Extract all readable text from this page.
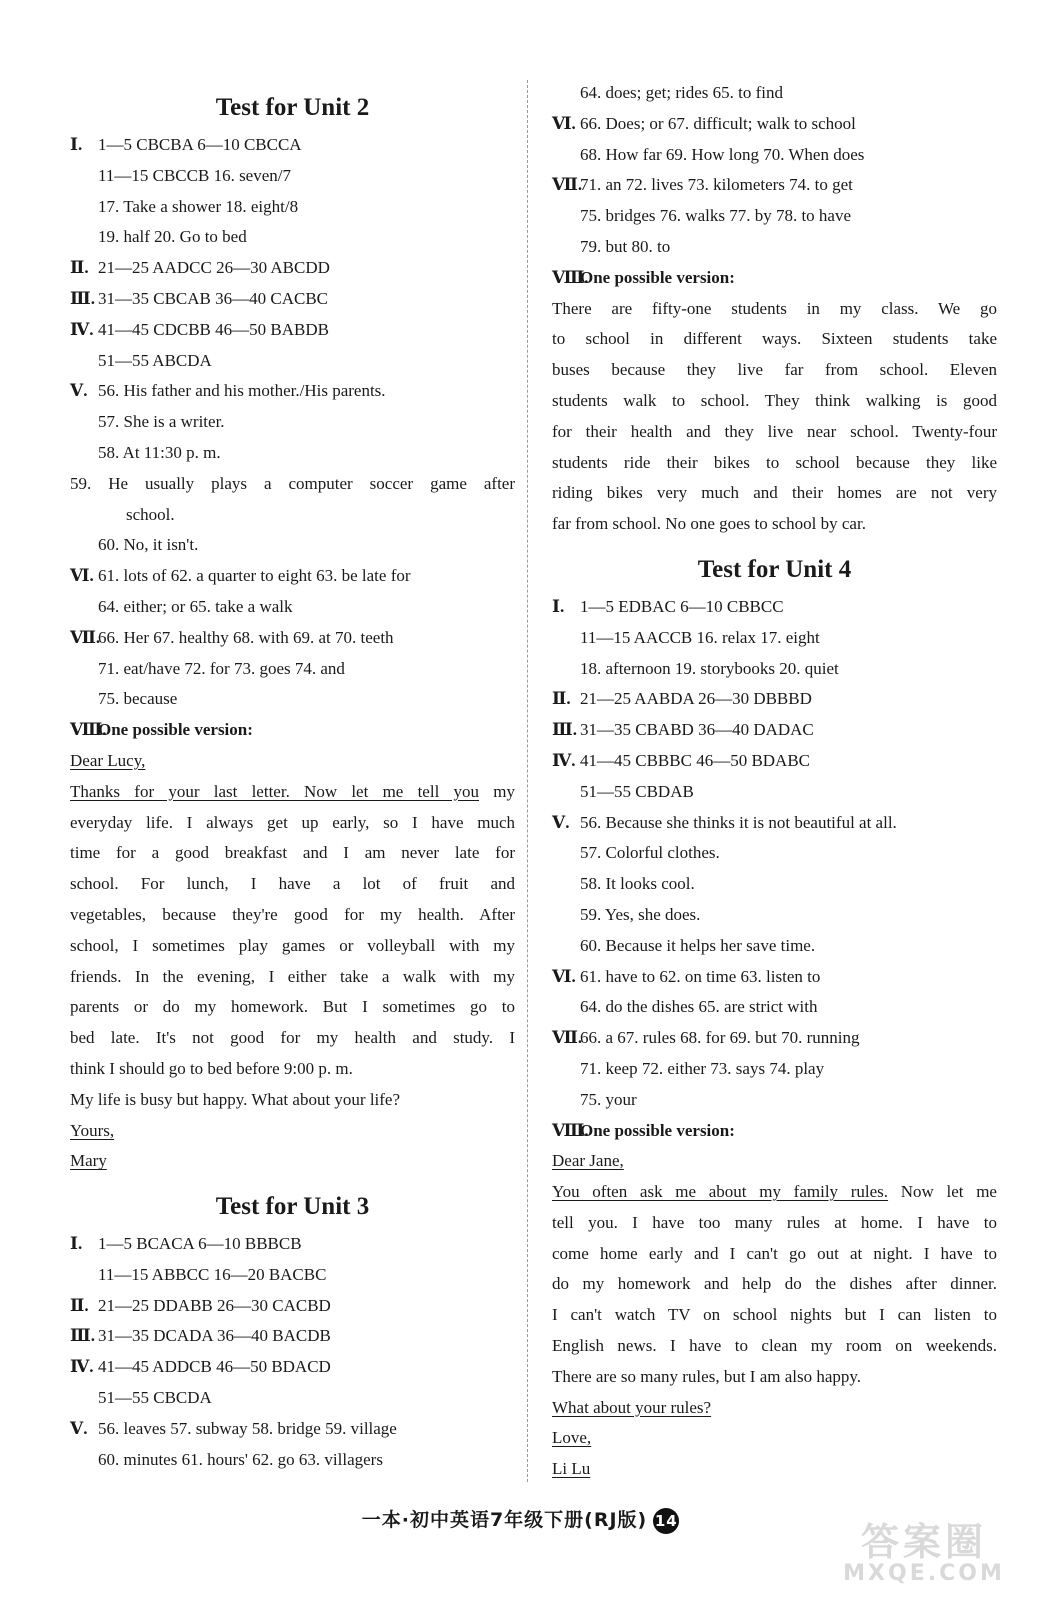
Test for Unit 2
Ⅰ. 1—5 CBCBA 6—10 CBCCA
11—15 CBCCB 16. seven/7
17. Take a shower 18. eight/8
19. half 20. Go to bed
Ⅱ. 21—25 AADCC 26—30 ABCDD
Ⅲ. 31—35 CBCAB 36—40 CACBC
Ⅳ. 41—45 CDCBB 46—50 BABDB
51—55 ABCDA
Ⅴ. 56. His father and his mother./His parents.
57. She is a writer.
58. At 11:30 p. m.
59. He usually plays a computer soccer game after
school.
60. No, it isn't.
Ⅵ. 61. lots of 62. a quarter to eight 63. be late for
64. either; or 65. take a walk
Ⅶ.66. Her 67. healthy 68. with 69. at 70. teeth
71. eat/have 72. for 73. goes 74. and
75. because
Ⅷ.One possible version:
Dear Lucy,
Thanks for your last letter. Now let me tell you my
everyday life. I always get up early, so I have much
time for a good breakfast and I am never late for
school. For lunch, I have a lot of fruit and
vegetables, because they're good for my health. After
school, I sometimes play games or volleyball with my
friends. In the evening, I either take a walk with my
parents or do my homework. But I sometimes go to
bed late. It's not good for my health and study. I
think I should go to bed before 9:00 p. m.
My life is busy but happy. What about your life?
Yours,
Mary
Test for Unit 3
Ⅰ. 1—5 BCACA 6—10 BBBCB
11—15 ABBCC 16—20 BACBC
Ⅱ. 21—25 DDABB 26—30 CACBD
Ⅲ. 31—35 DCADA 36—40 BACDB
Ⅳ. 41—45 ADDCB 46—50 BDACD
51—55 CBCDA
Ⅴ. 56. leaves 57. subway 58. bridge 59. village
60. minutes 61. hours' 62. go 63. villagers
64. does; get; rides 65. to find
Ⅵ. 66. Does; or 67. difficult; walk to school
68. How far 69. How long 70. When does
Ⅶ.71. an 72. lives 73. kilometers 74. to get
75. bridges 76. walks 77. by 78. to have
79. but 80. to
Ⅷ.One possible version:
There are fifty-one students in my class. We go
to school in different ways. Sixteen students take
buses because they live far from school. Eleven
students walk to school. They think walking is good
for their health and they live near school. Twenty-four
students ride their bikes to school because they like
riding bikes very much and their homes are not very
far from school. No one goes to school by car.
Test for Unit 4
Ⅰ. 1—5 EDBAC 6—10 CBBCC
11—15 AACCB 16. relax 17. eight
18. afternoon 19. storybooks 20. quiet
Ⅱ. 21—25 AABDA 26—30 DBBBD
Ⅲ. 31—35 CBABD 36—40 DADAC
Ⅳ. 41—45 CBBBC 46—50 BDABC
51—55 CBDAB
Ⅴ. 56. Because she thinks it is not beautiful at all.
57. Colorful clothes.
58. It looks cool.
59. Yes, she does.
60. Because it helps her save time.
Ⅵ. 61. have to 62. on time 63. listen to
64. do the dishes 65. are strict with
Ⅶ.66. a 67. rules 68. for 69. but 70. running
71. keep 72. either 73. says 74. play
75. your
Ⅷ.One possible version:
Dear Jane,
You often ask me about my family rules. Now let me
tell you. I have too many rules at home. I have to
come home early and I can't go out at night. I have to
do my homework and help do the dishes after dinner.
I can't watch TV on school nights but I can listen to
English news. I have to clean my room on weekends.
There are so many rules, but I am also happy.
What about your rules?
Love,
Li Lu
一本·初中英语7年级下册(RJ版) 14	答案圈
MXQE.COM
